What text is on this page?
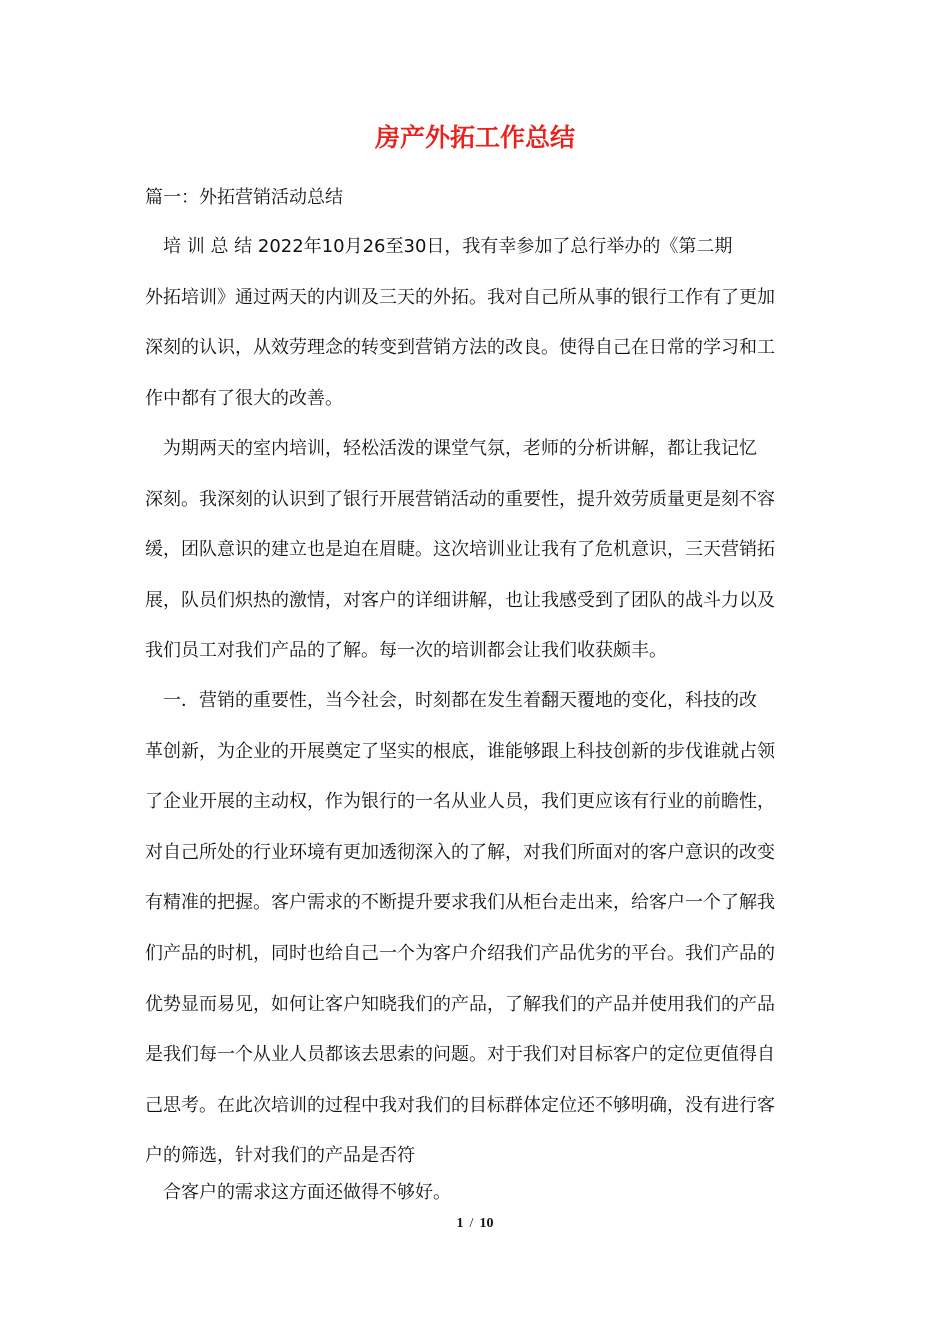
房产外拓工作总结
篇一：外拓营销活动总结
　培 训 总 结 2022年10月26至30日，我有幸参加了总行举办的《第二期
外拓培训》通过两天的内训及三天的外拓。我对自己所从事的银行工作有了更加
深刻的认识，从效劳理念的转变到营销方法的改良。使得自己在日常的学习和工
作中都有了很大的改善。
　为期两天的室内培训，轻松活泼的课堂气氛，老师的分析讲解，都让我记忆
深刻。我深刻的认识到了银行开展营销活动的重要性，提升效劳质量更是刻不容
缓，团队意识的建立也是迫在眉睫。这次培训业让我有了危机意识，三天营销拓
展，队员们炽热的激情，对客户的详细讲解，也让我感受到了团队的战斗力以及
我们员工对我们产品的了解。每一次的培训都会让我们收获颇丰。
　一．营销的重要性，当今社会，时刻都在发生着翻天覆地的变化，科技的改
革创新，为企业的开展奠定了坚实的根底，谁能够跟上科技创新的步伐谁就占领
了企业开展的主动权，作为银行的一名从业人员，我们更应该有行业的前瞻性，
对自己所处的行业环境有更加透彻深入的了解，对我们所面对的客户意识的改变
有精准的把握。客户需求的不断提升要求我们从柜台走出来，给客户一个了解我
们产品的时机，同时也给自己一个为客户介绍我们产品优劣的平台。我们产品的
优势显而易见，如何让客户知晓我们的产品，了解我们的产品并使用我们的产品
是我们每一个从业人员都该去思索的问题。对于我们对目标客户的定位更值得自
己思考。在此次培训的过程中我对我们的目标群体定位还不够明确，没有进行客
户的筛选，针对我们的产品是否符
合客户的需求这方面还做得不够好。
1 / 10
